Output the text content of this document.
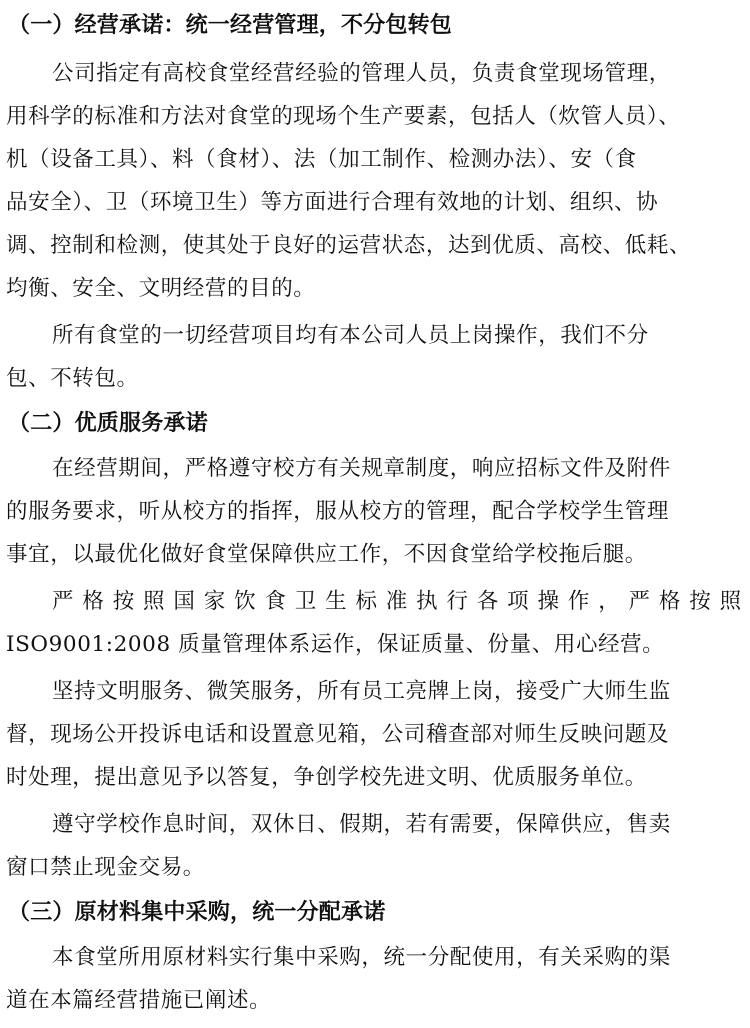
（一）经营承诺：统一经营管理，不分包转包
公司指定有高校食堂经营经验的管理人员，负责食堂现场管理，
用科学的标准和方法对食堂的现场个生产要素，包括人（炊管人员）、
机（设备工具）、料（食材）、法（加工制作、检测办法）、安（食
品安全）、卫（环境卫生）等方面进行合理有效地的计划、组织、协
调、控制和检测，使其处于良好的运营状态，达到优质、高校、低耗、
均衡、安全、文明经营的目的。
所有食堂的一切经营项目均有本公司人员上岗操作，我们不分
包、不转包。
（二）优质服务承诺
在经营期间，严格遵守校方有关规章制度，响应招标文件及附件
的服务要求，听从校方的指挥，服从校方的管理，配合学校学生管理
事宜，以最优化做好食堂保障供应工作，不因食堂给学校拖后腿。
严 格 按 照 国 家 饮 食 卫 生 标 准 执 行 各 项 操 作 ， 严 格 按 照
ISO9001:2008 质量管理体系运作，保证质量、份量、用心经营。
坚持文明服务、微笑服务，所有员工亮牌上岗，接受广大师生监
督，现场公开投诉电话和设置意见箱，公司稽查部对师生反映问题及
时处理，提出意见予以答复，争创学校先进文明、优质服务单位。
遵守学校作息时间，双休日、假期，若有需要，保障供应，售卖
窗口禁止现金交易。
（三）原材料集中采购，统一分配承诺
本食堂所用原材料实行集中采购，统一分配使用，有关采购的渠
道在本篇经营措施已阐述。
